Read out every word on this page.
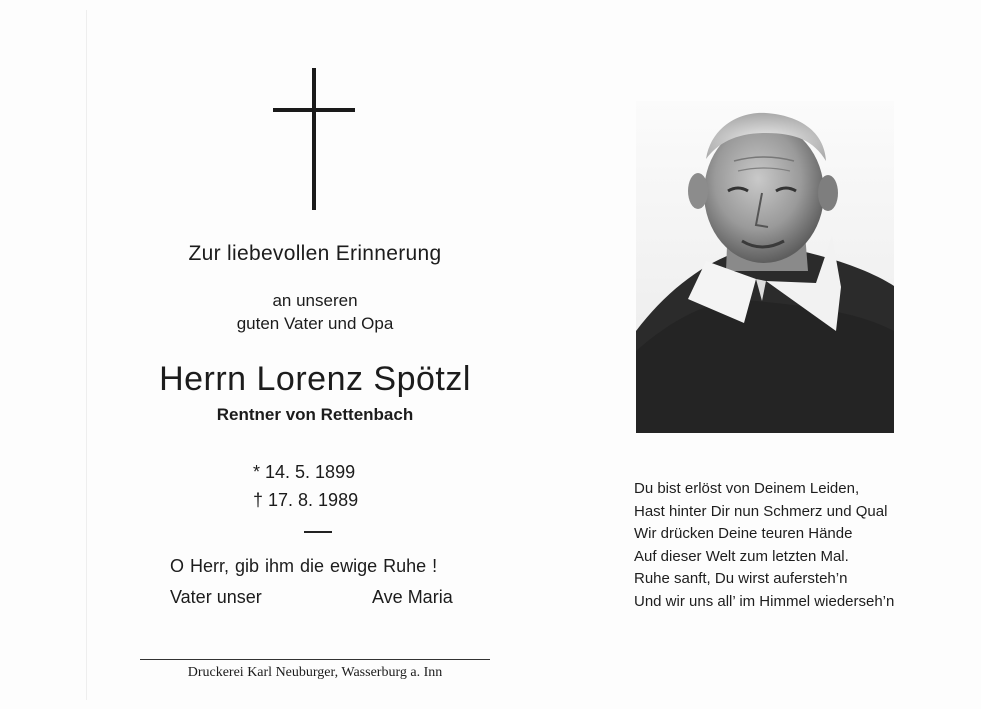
Zur liebevollen Erinnerung
an unseren
guten Vater und Opa
Herrn Lorenz Spötzl
Rentner von Rettenbach
* 14. 5. 1899
† 17. 8. 1989
O Herr, gib ihm die ewige Ruhe !
Vater unser	Ave Maria
Druckerei Karl Neuburger, Wasserburg a. Inn
Du bist erlöst von Deinem Leiden,
Hast hinter Dir nun Schmerz und Qual
Wir drücken Deine teuren Hände
Auf dieser Welt zum letzten Mal.
Ruhe sanft, Du wirst aufersteh’n
Und wir uns all’ im Himmel wiederseh’n
